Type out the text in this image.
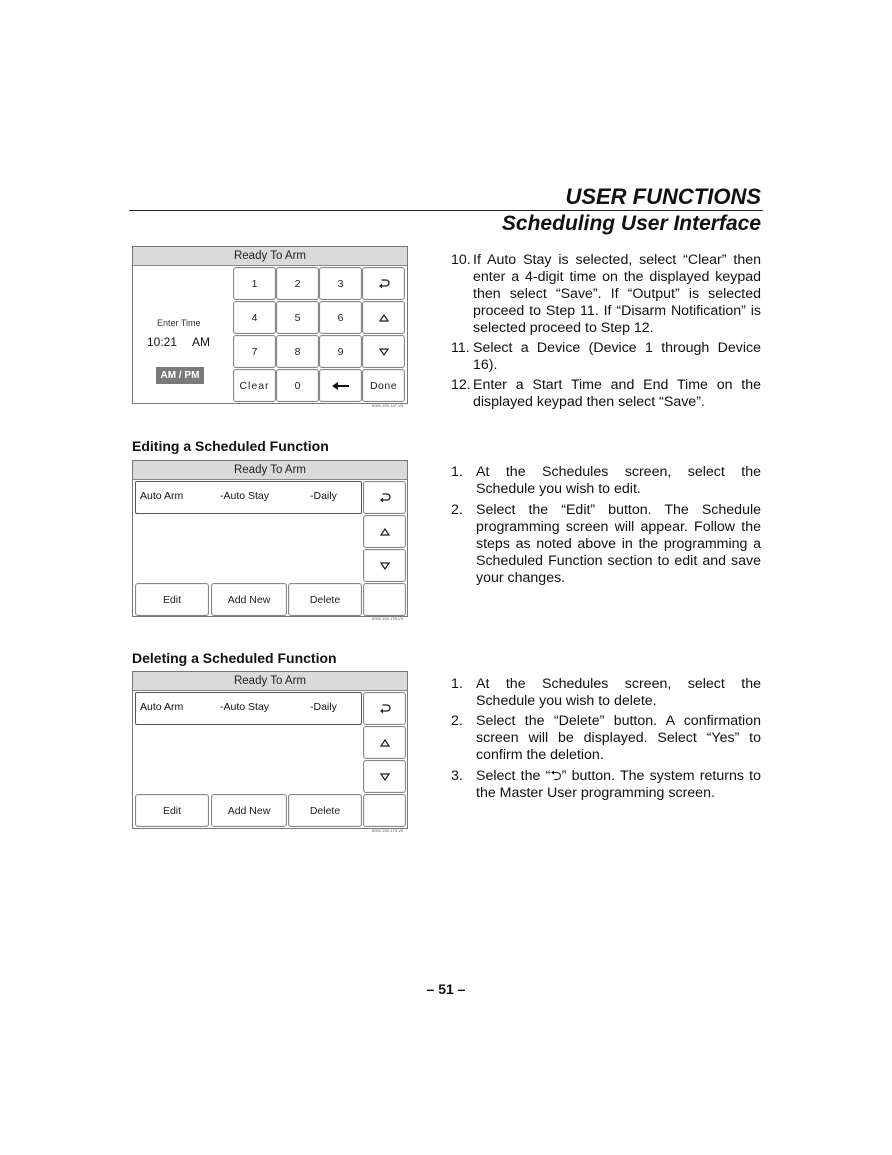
USER FUNCTIONS
Scheduling User Interface
Ready To Arm
Enter Time
10:21 AM
AM / PM
1	2	3
4	5	6
7	8	9
Clear	0	Done
5000-100-147-V0
10. If Auto Stay is selected, select “Clear” then enter a 4-digit time on the displayed keypad then select “Save”. If “Output” is selected proceed to Step 11. If “Disarm Notification” is selected proceed to Step 12.
11. Select a Device (Device 1 through Device 16).
12. Enter a Start Time and End Time on the displayed keypad then select “Save”.
Editing a Scheduled Function
Ready To Arm
Auto Arm	-Auto Stay	-Daily
Edit	Add New	Delete
5000-100-178-V0
1. At the Schedules screen, select the Schedule you wish to edit.
2. Select the “Edit” button. The Schedule programming screen will appear. Follow the steps as noted above in the programming a Scheduled Function section to edit and save your changes.
Deleting a Scheduled Function
Ready To Arm
Auto Arm	-Auto Stay	-Daily
Edit	Add New	Delete
5000-100-179-V0
1. At the Schedules screen, select the Schedule you wish to delete.
2. Select the “Delete” button. A confirmation screen will be displayed. Select “Yes” to confirm the deletion.
3. Select the “⮌” button. The system returns to the Master User programming screen.
– 51 –
